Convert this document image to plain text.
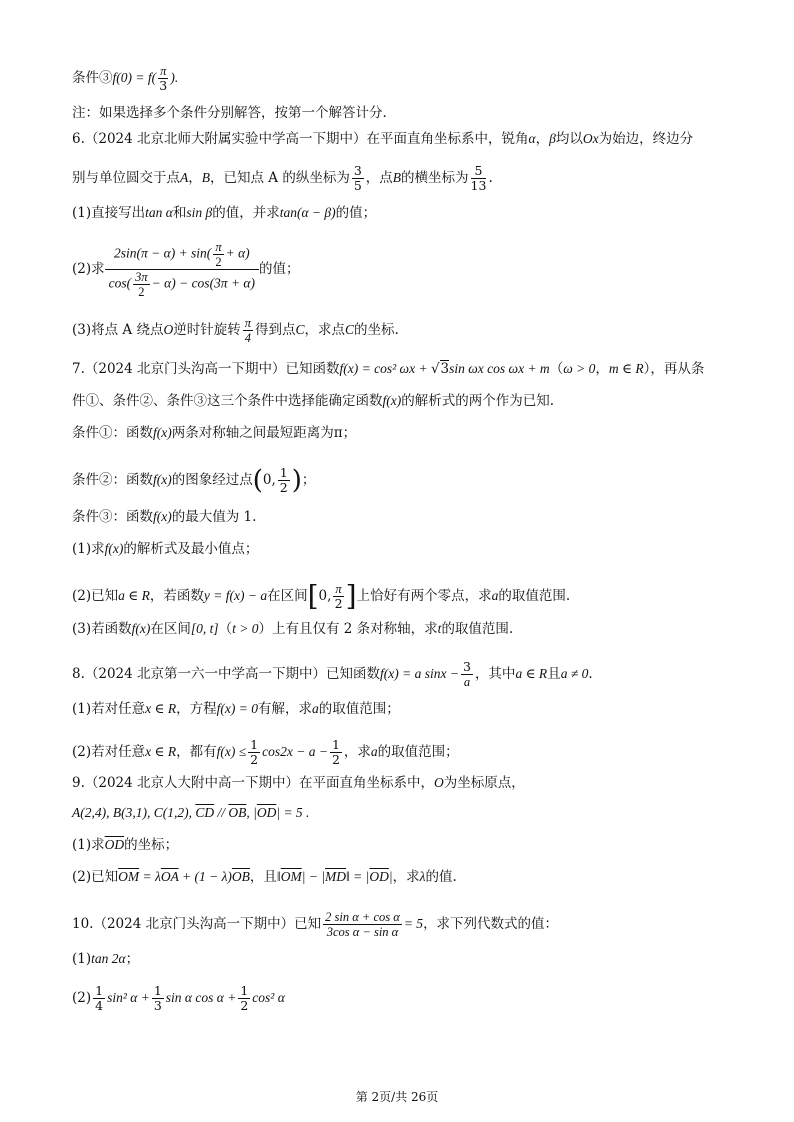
条件③f(0) = $f( \frac{\pi}{3}$ ).
注：如果选择多个条件分别解答，按第一个解答计分.
6.（2024 北京北师大附属实验中学高一下期中）在平面直角坐标系中，锐角α，β均以Ox为始边，终边分
别与单位圆交于点A，B，已知点 A 的纵坐标为 $\frac{3}{5}$ ，点B的横坐标为 $\frac{5}{13}$ .
(1)直接写出tan α和sin β的值，并求tan(α − β)的值；
(2)求 $\frac{2\sin(\pi - \alpha) + \sin( \frac{\pi}{2} + \alpha)}{\cos( \frac{3\pi}{2} - \alpha) - \cos(3\pi + \alpha)}$ 的值；
(3)将点 A 绕点O逆时针旋转 $\frac{\pi}{4}$ 得到点C，求点C的坐标.
7.（2024 北京门头沟高一下期中）已知函数f(x) = cos² ωx + √3sin ωx cos ωx + m（ω > 0，m ∈ R），再从条
件①、条件②、条件③这三个条件中选择能确定函数f(x)的解析式的两个作为已知.
条件①：函数f(x)两条对称轴之间最短距离为π；
条件②：函数f(x)的图象经过点(0, $\frac{1}{2}$ )；
条件③：函数f(x)的最大值为 1.
(1)求f(x)的解析式及最小值点；
(2)已知a ∈ R，若函数y = f(x) − a在区间[0, $\frac{\pi}{2}$ ]上恰好有两个零点，求a的取值范围.
(3)若函数f(x)在区间[0, t]（t > 0）上有且仅有 2 条对称轴，求t的取值范围.
8.（2024 北京第一六一中学高一下期中）已知函数f(x) = a $\sin x - \frac{3}{a}$ ，其中a ∈ R且a ≠ 0.
(1)若对任意x ∈ R，方程f(x) = 0有解，求a的取值范围；
(2)若对任意x ∈ R，都有$f(x) \le \frac{1}{2} \cos 2x - a - \frac{1}{2}$ ，求a的取值范围；
9.（2024 北京人大附中高一下期中）在平面直角坐标系中，O为坐标原点，
A(2,4), B(3,1), C(1,2), $\overline{CD} // \overline{OB}$, $|\overline{OD}| = 5$ .
(1)求$\overline{OD}$的坐标；
(2)已知$\overline{OM} = \lambda\overline{OA} + (1 - \lambda)\overline{OB}$，且$‖\overline{OM}|$ − $|\overline{MD}‖ = |\overline{OD}|$，求λ的值.
10.（2024 北京门头沟高一下期中）已知 $\frac{\text{2 sin α + cos α}}{\text{3cos α − sin α}} = 5$，求下列代数式的值：
(1)tan 2α；
$(2) \frac{1}{4} \sin^2$ $\alpha + \frac{1}{3}$ sin α $\cos \alpha + \frac{1}{2} \cos^2$ α
第 2页/共 26页
